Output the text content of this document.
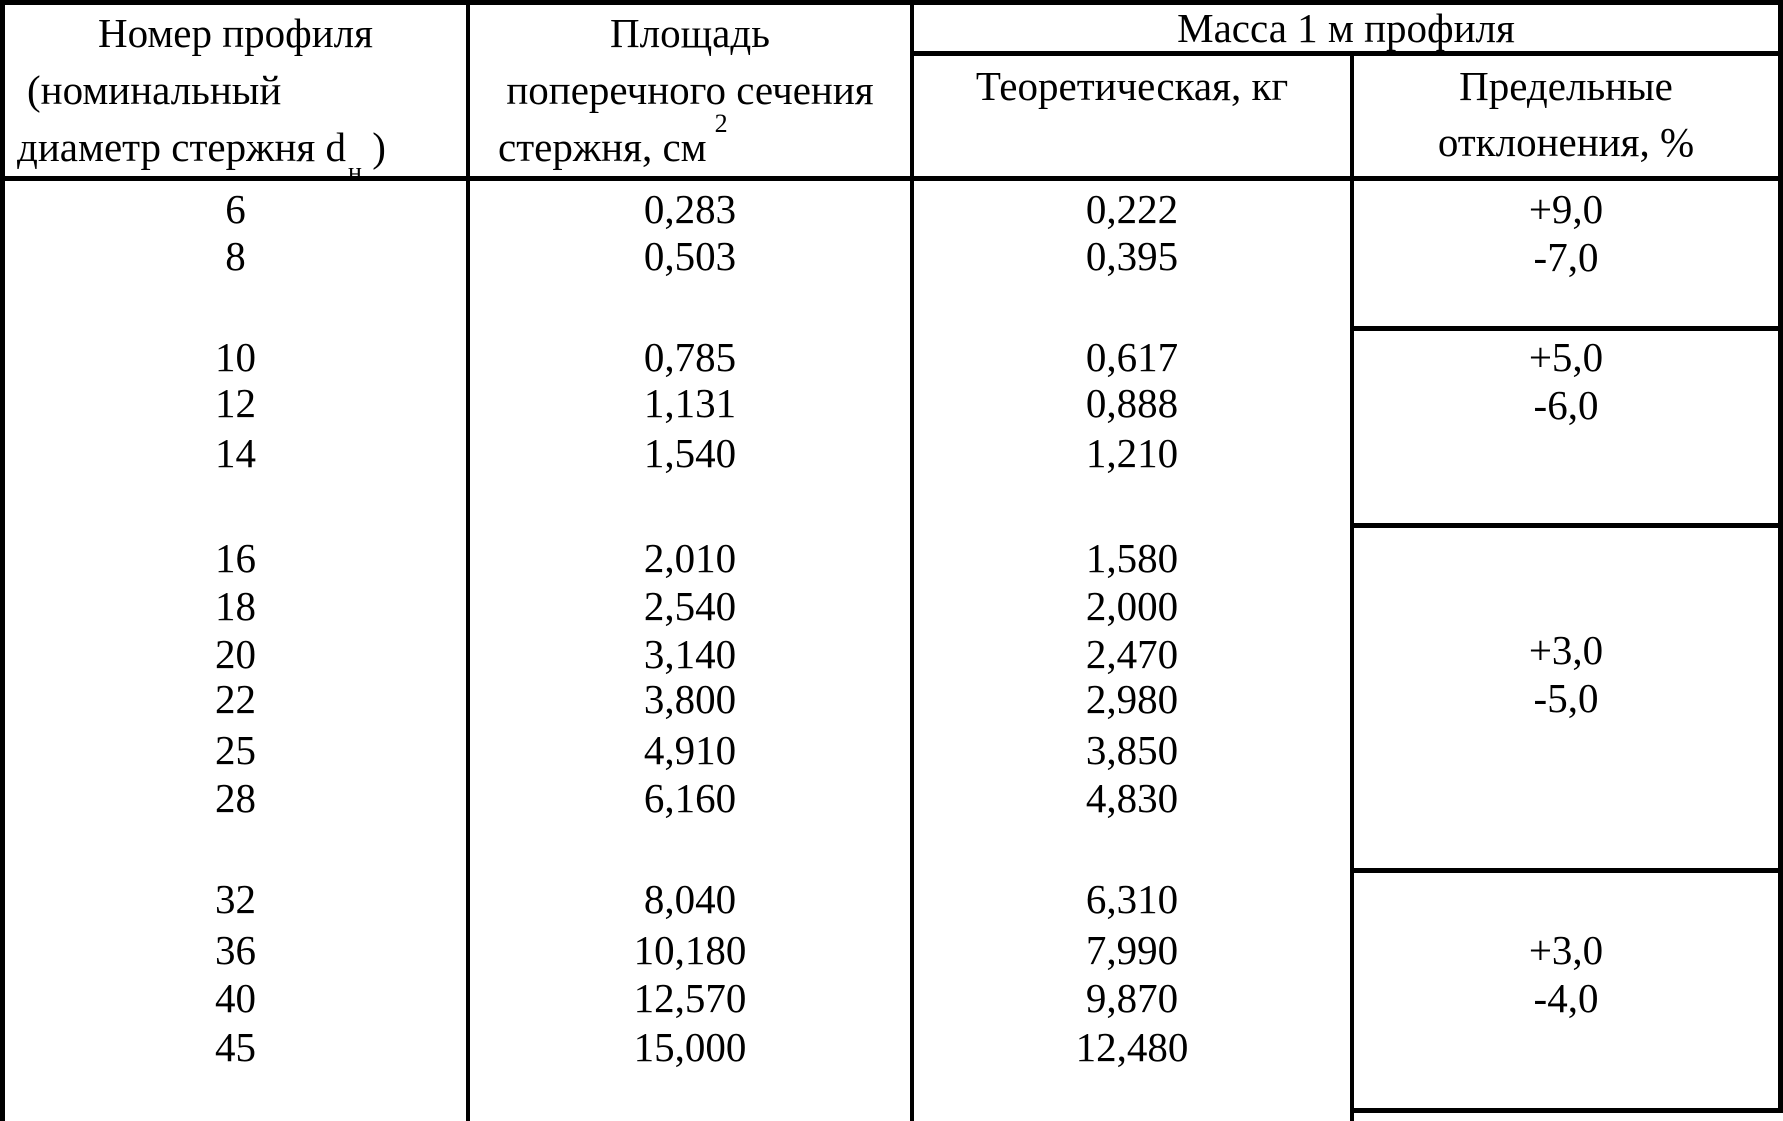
Номер профиля
(номинальный
диаметр стержня $d_н$ )
Площадь
поперечного сечения
стержня, $см^2$
Масса 1 м профиля
Теоретическая, кг	Предельные
отклонения, %
6
8
10
12
14
16
18
20
22
25
28
32
36
40
45
0,283
0,503
0,785
1,131
1,540
2,010
2,540
3,140
3,800
4,910
6,160
8,040
10,180
12,570
15,000
0,222
0,395
0,617
0,888
1,210
1,580
2,000
2,470
2,980
3,850
4,830
6,310
7,990
9,870
12,480
+9,0
-7,0
+5,0
-6,0
+3,0
-5,0
+3,0
-4,0
